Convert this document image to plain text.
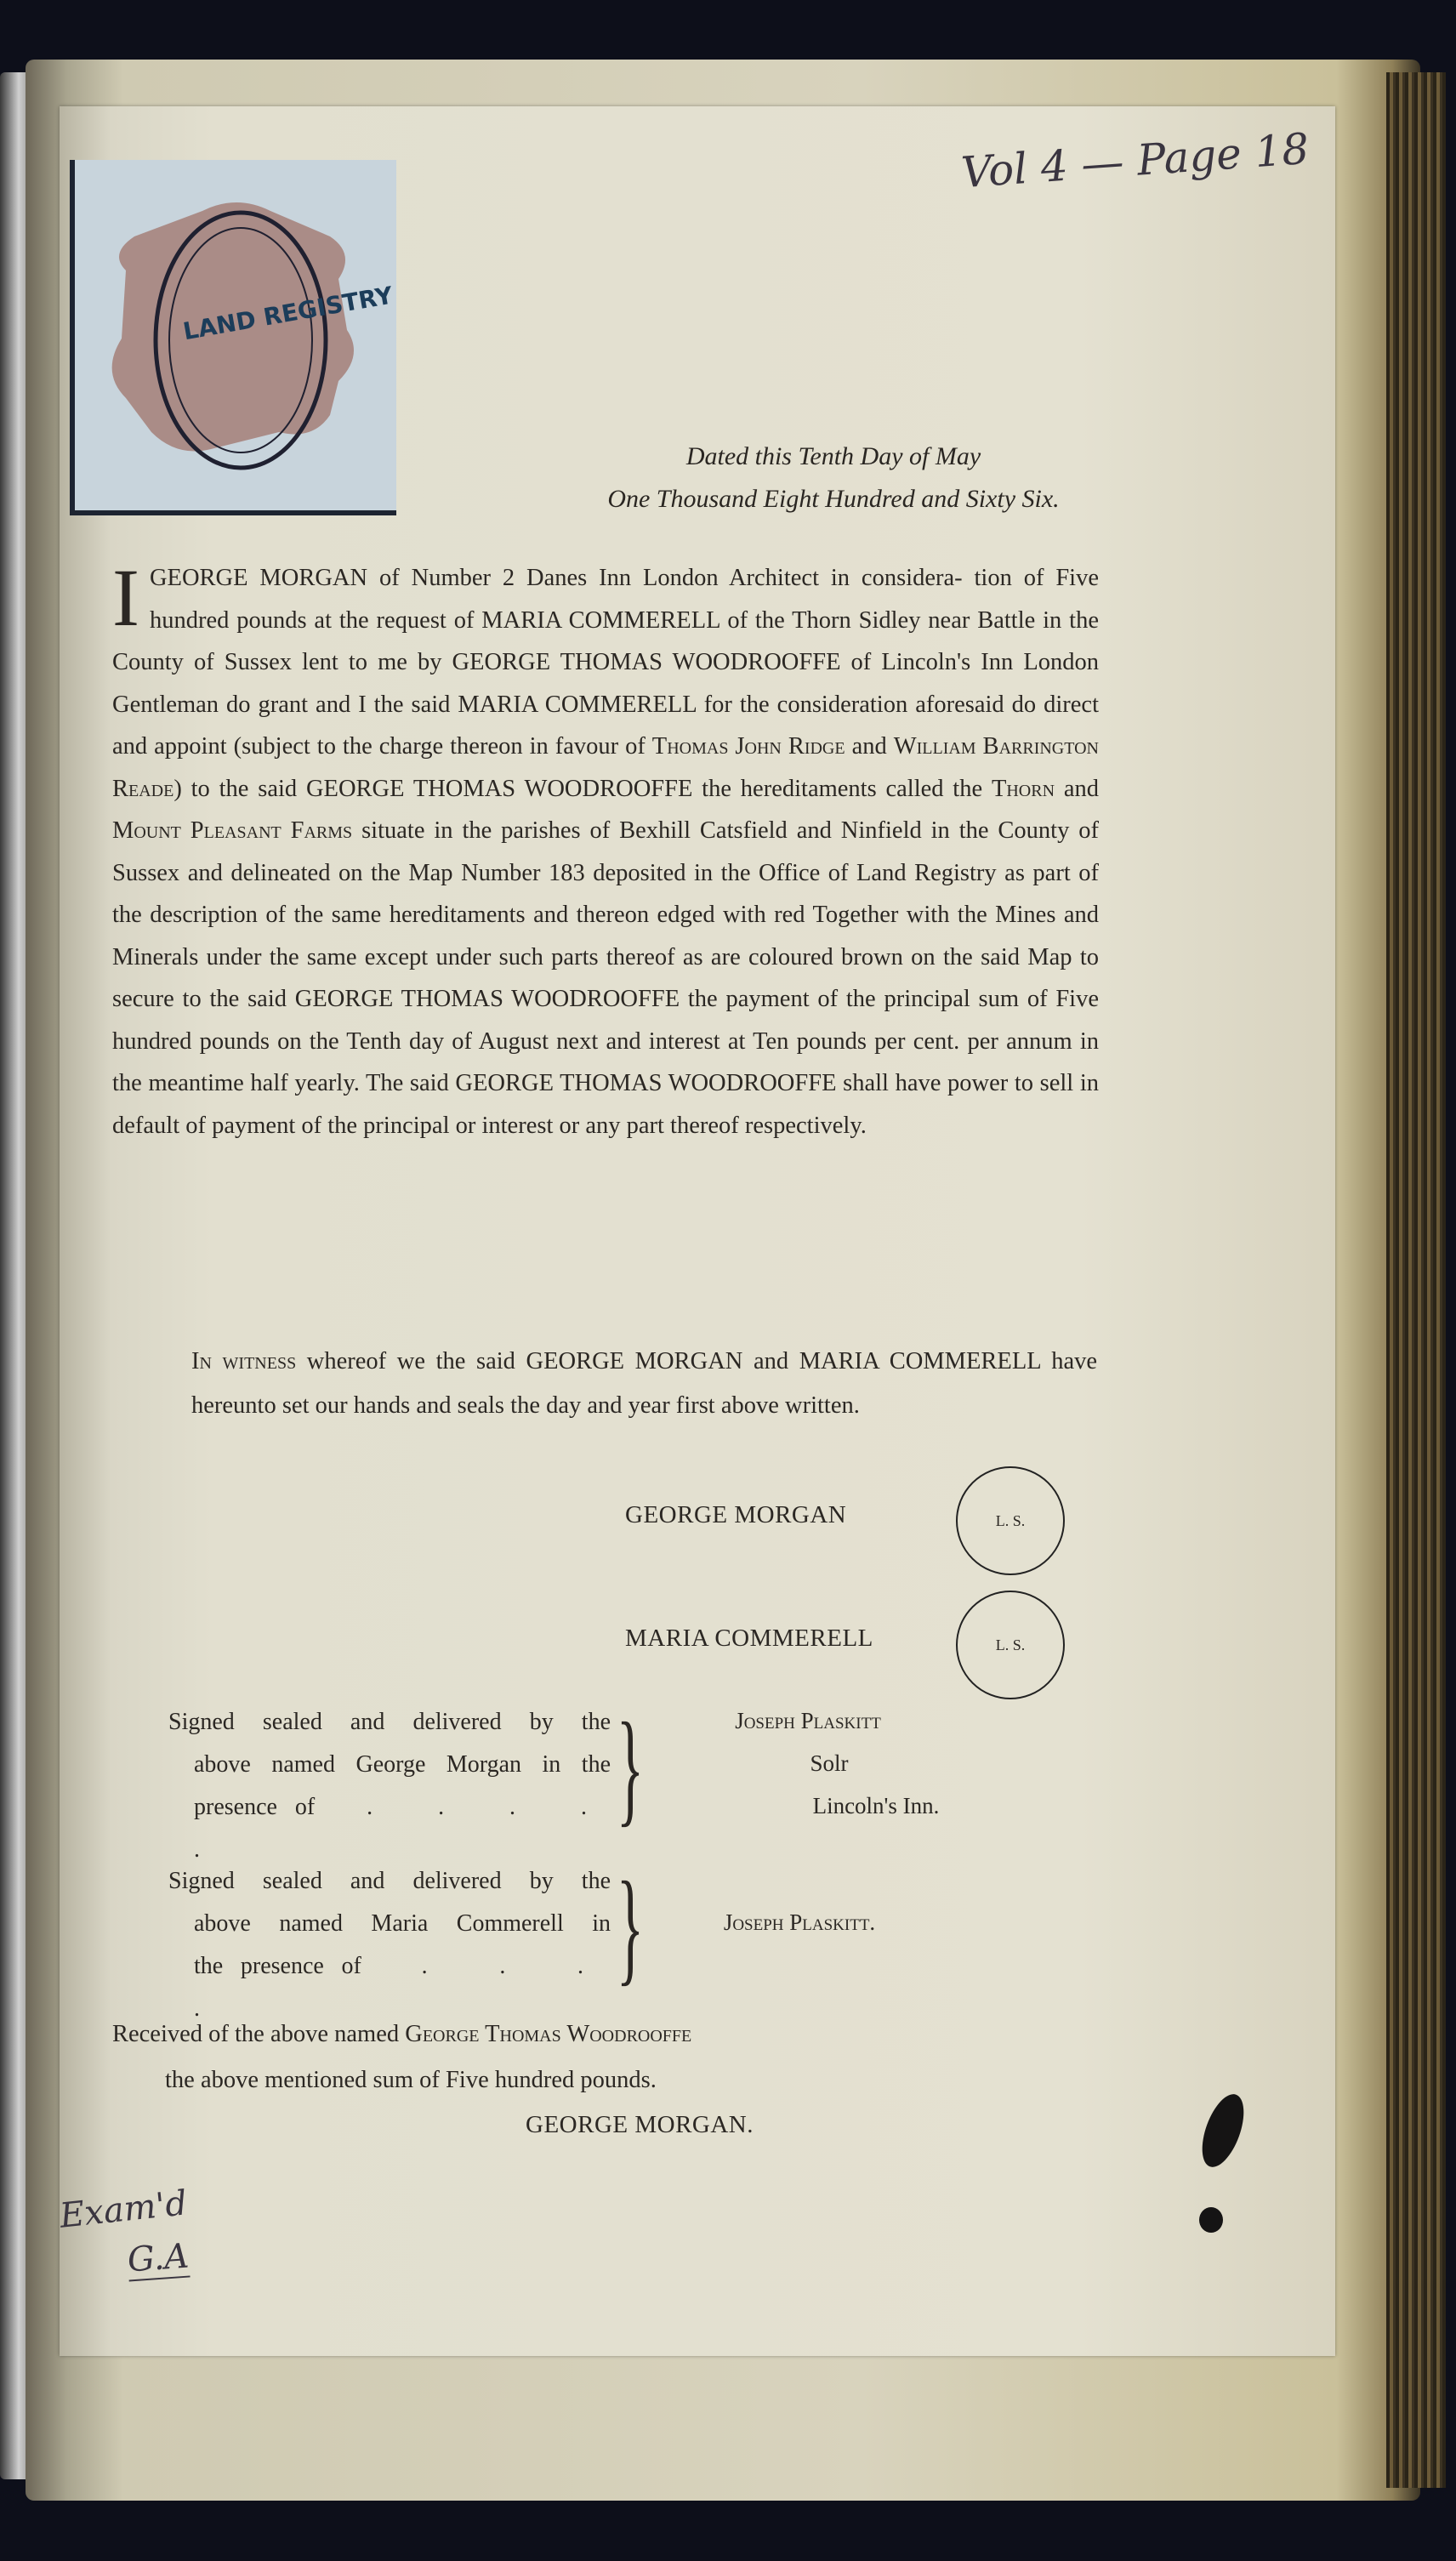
LAND REGISTRY
Vol 4 — Page 18
Dated this Tenth Day of May
One Thousand Eight Hundred and Sixty Six.
I GEORGE MORGAN of Number 2 Danes Inn London Architect in considera- tion of Five hundred pounds at the request of MARIA COMMERELL of the Thorn Sidley near Battle in the County of Sussex lent to me by GEORGE THOMAS WOODROOFFE of Lincoln's Inn London Gentleman do grant and I the said MARIA COMMERELL for the consideration aforesaid do direct and appoint (subject to the charge thereon in favour of Thomas John Ridge and William Barrington Reade) to the said GEORGE THOMAS WOODROOFFE the hereditaments called the Thorn and Mount Pleasant Farms situate in the parishes of Bexhill Catsfield and Ninfield in the County of Sussex and delineated on the Map Number 183 deposited in the Office of Land Registry as part of the description of the same hereditaments and thereon edged with red Together with the Mines and Minerals under the same except under such parts thereof as are coloured brown on the said Map to secure to the said GEORGE THOMAS WOODROOFFE the payment of the principal sum of Five hundred pounds on the Tenth day of August next and interest at Ten pounds per cent. per annum in the meantime half yearly. The said GEORGE THOMAS WOODROOFFE shall have power to sell in default of payment of the principal or interest or any part thereof respectively.
In witness whereof we the said GEORGE MORGAN and MARIA COMMERELL have hereunto set our hands and seals the day and year first above written.
GEORGE MORGAN	L. S.
MARIA COMMERELL	L. S.
Signed sealed and delivered by the
above named George Morgan in the
presence of . . . . .
}	Joseph Plaskitt
Solr
Lincoln's Inn.
Signed sealed and delivered by the
above named Maria Commerell in
the presence of	. . . .
}	Joseph Plaskitt.
Received of the above named George Thomas Woodrooffe
the above mentioned sum of Five hundred pounds.
GEORGE MORGAN.
Exam'd
G.A
